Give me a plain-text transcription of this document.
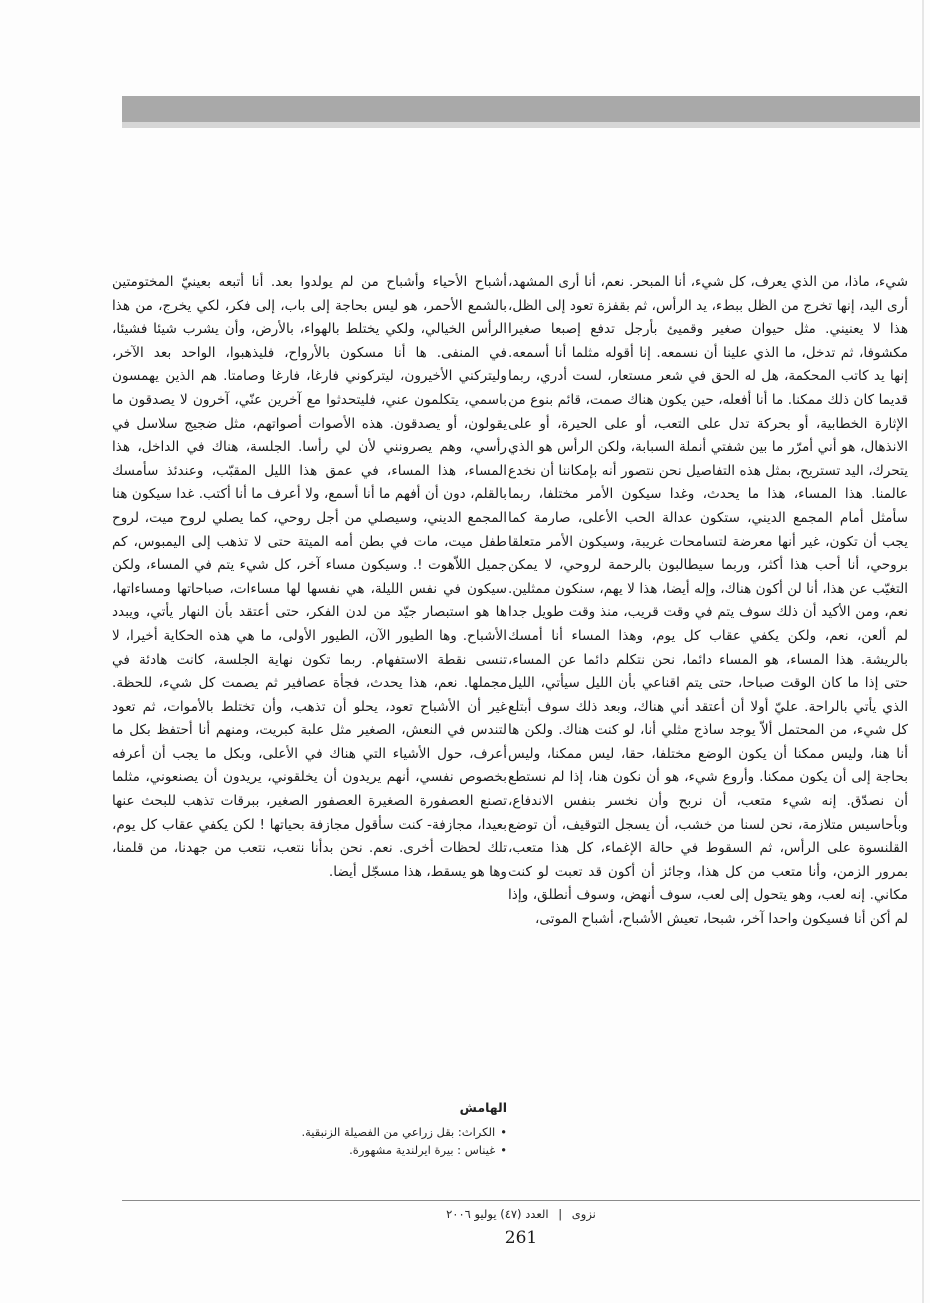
شيء، ماذا، من الذي يعرف، كل شيء، أنا المبحر. نعم، أنا أرى المشهد، أرى اليد، إنها تخرج من الظل ببطء، يد الرأس، ثم بقفزة تعود إلى الظل، هذا لا يعنيني. مثل حيوان صغير وقميئ بأرجل تدفع إصبعا صغيرا مكشوفا، ثم تدخل، ما الذي علينا أن نسمعه. إنا أقوله مثلما أنا أسمعه. إنها يد كاتب المحكمة، هل له الحق في شعر مستعار، لست أدري، ربما قديما كان ذلك ممكنا. ما أنا أفعله، حين يكون هناك صمت، قائم بنوع من الإثارة الخطابية، أو بحركة تدل على التعب، أو على الحيرة، أو على الانذهال، هو أني أمرّر ما بين شفتي أنملة السبابة، ولكن الرأس هو الذي يتحرك، اليد تستريح، بمثل هذه التفاصيل نحن نتصور أنه بإمكاننا أن نخدع عالمنا. هذا المساء، هذا ما يحدث، وغدا سيكون الأمر مختلفا، ربما سأمثل أمام المجمع الديني، ستكون عدالة الحب الأعلى، صارمة كما يجب أن تكون، غير أنها معرضة لتسامحات غريبة، وسيكون الأمر متعلقا بروحي، أنا أحب هذا أكثر، وربما سيطالبون بالرحمة لروحي، لا يمكن التغيّب عن هذا، أنا لن أكون هناك، وإله أيضا، هذا لا يهم، سنكون ممثلين. نعم، ومن الأكيد أن ذلك سوف يتم في وقت قريب، منذ وقت طويل جدا لم ألعن، نعم، ولكن يكفي عقاب كل يوم، وهذا المساء أنا أمسك بالريشة. هذا المساء، هو المساء دائما، نحن نتكلم دائما عن المساء، حتى إذا ما كان الوقت صباحا، حتى يتم اقناعي بأن الليل سيأتي، الليل الذي يأتي بالراحة. عليّ أولا أن أعتقد أني هناك، وبعد ذلك سوف أبتلع كل شيء، من المحتمل ألاّ يوجد ساذج مثلي أنا، لو كنت هناك. ولكن ها أنا هنا، وليس ممكنا أن يكون الوضع مختلفا، حقا، ليس ممكنا، وليس بحاجة إلى أن يكون ممكنا. وأروع شيء، هو أن نكون هنا، إذا لم نستطع أن نصدّق. إنه شيء متعب، أن نربح وأن نخسر بنفس الاندفاع، وبأحاسيس متلازمة، نحن لسنا من خشب، أن يسجل التوقيف، أن توضع القلنسوة على الرأس، ثم السقوط في حالة الإغماء، كل هذا متعب، بمرور الزمن، وأنا متعب من كل هذا، وجائز أن أكون قد تعبت لو كنت مكاني. إنه لعب، وهو يتحول إلى لعب، سوف أنهض، وسوف أنطلق، وإذا لم أكن أنا فسيكون واحدا آخر، شبحا، تعيش الأشباح، أشباح الموتى،

أشباح الأحياء وأشباح من لم يولدوا بعد. أنا أتبعه بعينيّ المختومتين بالشمع الأحمر، هو ليس بحاجة إلى باب، إلى فكر، لكي يخرج، من هذا الرأس الخيالي، ولكي يختلط بالهواء، بالأرض، وأن يشرب شيئا فشيئا، في المنفى. ها أنا مسكون بالأرواح، فليذهبوا، الواحد بعد الآخر، وليتركني الأخيرون، ليتركوني فارغا، فارغا وصامتا. هم الذين يهمسون باسمي، يتكلمون عني، فليتحدثوا مع آخرين عنّي، آخرون لا يصدقون ما يقولون، أو يصدقون. هذه الأصوات أصواتهم، مثل ضجيج سلاسل في رأسي، وهم يصرونني لأن لي رأسا. الجلسة، هناك في الداخل، هذا المساء، هذا المساء، في عمق هذا الليل المقبّب، وعندئذ سأمسك بالقلم، دون أن أفهم ما أنا أسمع، ولا أعرف ما أنا أكتب. غدا سيكون هنا المجمع الديني، وسيصلي من أجل روحي، كما يصلي لروح ميت، لروح طفل ميت، مات في بطن أمه الميتة حتى لا تذهب إلى اليمبوس، كم جميل اللاّهوت !. وسيكون مساء آخر، كل شيء يتم في المساء، ولكن سيكون في نفس الليلة، هي نفسها لها مساءات، صباحاتها ومساءاتها، ها هو استبصار جيّد من لدن الفكر، حتى أعتقد بأن النهار يأتي، ويبدد الأشباح. وها الطيور الآن، الطيور الأولى، ما هي هذه الحكاية أخيرا، لا تنسى نقطة الاستفهام. ربما تكون نهاية الجلسة، كانت هادئة في مجملها. نعم، هذا يحدث، فجأة عصافير ثم يصمت كل شيء، للحظة. غير أن الأشباح تعود، يحلو أن تذهب، وأن تختلط بالأموات، ثم تعود لتندس في النعش، الصغير مثل علبة كبريت، ومنهم أنا أحتفظ بكل ما أعرف، حول الأشياء التي هناك في الأعلى، وبكل ما يجب أن أعرفه بخصوص نفسي، أنهم يريدون أن يخلقوني، يريدون أن يصنعوني، مثلما تصنع العصفورة الصغيرة العصفور الصغير، ببرقات تذهب للبحث عنها بعيدا، مجازفة- كنت سأقول مجازفة بحياتها ! لكن يكفي عقاب كل يوم، تلك لحظات أخرى. نعم. نحن بدأنا نتعب، نتعب من جهدنا، من قلمنا، وها هو يسقط، هذا مسجّل أيضا.

الهامش
• الكراث: بقل زراعي من الفصيلة الزنبقية.
• غيناس : بيرة ايرلندية مشهورة.
نزوى | العدد (٤٧) يوليو ٢٠٠٦
261
